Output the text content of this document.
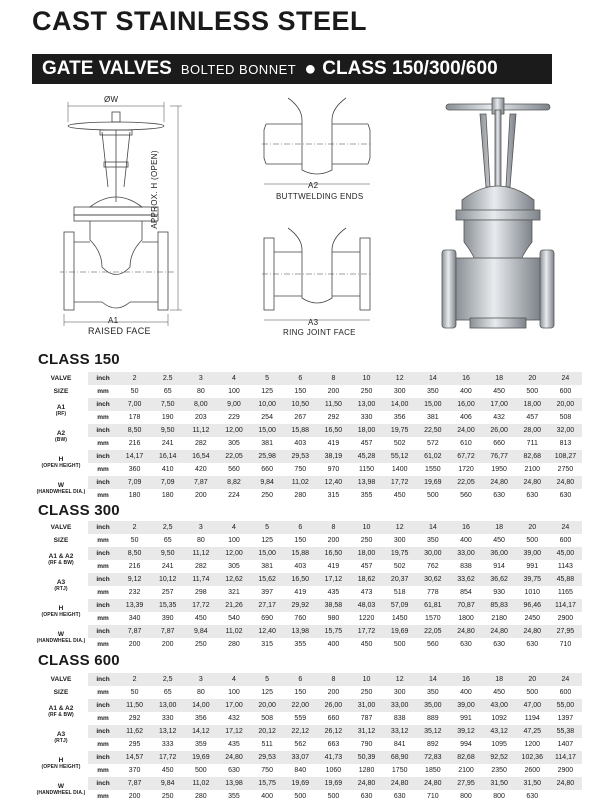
CAST STAINLESS STEEL
GATE VALVES BOLTED BONNET ● CLASS 150/300/600
ØW
APPROX. H (OPEN)
A1
RAISED FACE
A2
BUTTWELDING ENDS
A3
RING JOINT FACE
CLASS 150
VALVE
SIZE	inch	2	2.5	3	4	5	6	8	10	12	14	16	18	20	24
	mm	50	65	80	100	125	150	200	250	300	350	400	450	500	600
A1
(RF)	inch	7,00	7,50	8,00	9,00	10,00	10,50	11,50	13,00	14,00	15,00	16,00	17,00	18,00	20,00
	mm	178	190	203	229	254	267	292	330	356	381	406	432	457	508
A2
(BW)	inch	8,50	9,50	11,12	12,00	15,00	15,88	16,50	18,00	19,75	22,50	24,00	26,00	28,00	32,00
	mm	216	241	282	305	381	403	419	457	502	572	610	660	711	813
H
(OPEN HEIGHT)	inch	14,17	16,14	16,54	22,05	25,98	29,53	38,19	45,28	55,12	61,02	67,72	76,77	82,68	108,27
	mm	360	410	420	560	660	750	970	1150	1400	1550	1720	1950	2100	2750
W
(HANDWHEEL DIA.)	inch	7,09	7,09	7,87	8,82	9,84	11,02	12,40	13,98	17,72	19,69	22,05	24,80	24,80	24,80
	mm	180	180	200	224	250	280	315	355	450	500	560	630	630	630
CLASS 300
VALVE
SIZE	inch	2	2,5	3	4	5	6	8	10	12	14	16	18	20	24
	mm	50	65	80	100	125	150	200	250	300	350	400	450	500	600
A1 & A2
(RF & BW)	inch	8,50	9,50	11,12	12,00	15,00	15,88	16,50	18,00	19,75	30,00	33,00	36,00	39,00	45,00
	mm	216	241	282	305	381	403	419	457	502	762	838	914	991	1143
A3
(RTJ)	inch	9,12	10,12	11,74	12,62	15,62	16,50	17,12	18,62	20,37	30,62	33,62	36,62	39,75	45,88
	mm	232	257	298	321	397	419	435	473	518	778	854	930	1010	1165
H
(OPEN HEIGHT)	inch	13,39	15,35	17,72	21,26	27,17	29,92	38,58	48,03	57,09	61,81	70,87	85,83	96,46	114,17
	mm	340	390	450	540	690	760	980	1220	1450	1570	1800	2180	2450	2900
W
(HANDWHEEL DIA.)	inch	7,87	7,87	9,84	11,02	12,40	13,98	15,75	17,72	19,69	22,05	24,80	24,80	24,80	27,95
	mm	200	200	250	280	315	355	400	450	500	560	630	630	630	710
CLASS 600
VALVE
SIZE	inch	2	2,5	3	4	5	6	8	10	12	14	16	18	20	24
	mm	50	65	80	100	125	150	200	250	300	350	400	450	500	600
A1 & A2
(RF & BW)	inch	11,50	13,00	14,00	17,00	20,00	22,00	26,00	31,00	33,00	35,00	39,00	43,00	47,00	55,00
	mm	292	330	356	432	508	559	660	787	838	889	991	1092	1194	1397
A3
(RTJ)	inch	11,62	13,12	14,12	17,12	20,12	22,12	26,12	31,12	33,12	35,12	39,12	43,12	47,25	55,38
	mm	295	333	359	435	511	562	663	790	841	892	994	1095	1200	1407
H
(OPEN HEIGHT)	inch	14,57	17,72	19,69	24,80	29,53	33,07	41,73	50,39	68,90	72,83	82,68	92,52	102,36	114,17
	mm	370	450	500	630	750	840	1060	1280	1750	1850	2100	2350	2600	2900
W
(HANDWHEEL DIA.)	inch	7,87	9,84	11,02	13,98	15,75	19,69	19,69	24,80	24,80	24,80	27,95	31,50	31,50	24,80
	mm	200	250	280	355	400	500	500	630	630	710	800	800	630	
